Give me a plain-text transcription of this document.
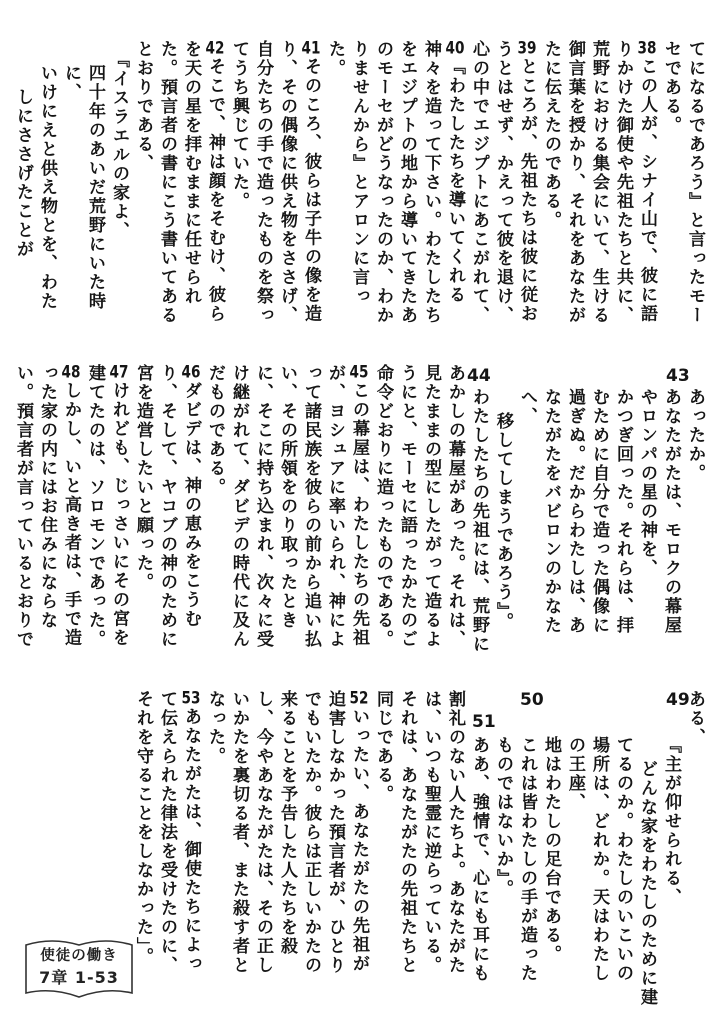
てになるであろう』と言ったモー
セである。
38この人が、シナイ山で、彼に語
りかけた御使や先祖たちと共に、
荒野における集会にいて、生ける
御言葉を授かり、それをあなたが
たに伝えたのである。
39ところが、先祖たちは彼に従お
うとはせず、かえって彼を退け、
心の中でエジプトにあこがれて、
40『わたしたちを導いてくれる
神々を造って下さい。わたしたち
をエジプトの地から導いてきたあ
のモーセがどうなったのか、わか
りませんから』とアロンに言っ
た。
41そのころ、彼らは子牛の像を造
り、その偶像に供え物をささげ、
自分たちの手で造ったものを祭っ
てうち興じていた。
42そこで、神は顔をそむけ、彼ら
を天の星を拝むままに任せられ
た。預言者の書にこう書いてある
とおりである、
　『イスラエルの家よ、
四十年のあいだ荒野にいた時
に、
いけにえと供え物とを、わた
しにささげたことが
43
あったか。
あなたがたは、モロクの幕屋
やロンパの星の神を、
かつぎ回った。それらは、拝
むために自分で造った偶像に
過ぎぬ。だからわたしは、あ
なたがたをバビロンのかなた
へ、
移してしまうであろう』。
44
わたしたちの先祖には、荒野に
あかしの幕屋があった。それは、
見たままの型にしたがって造るよ
うにと、モーセに語ったかたのご
命令どおりに造ったものである。
45この幕屋は、わたしたちの先祖
が、ヨシュアに率いられ、神によ
って諸民族を彼らの前から追い払
い、その所領をのり取ったとき
に、そこに持ち込まれ、次々に受
け継がれて、ダビデの時代に及ん
だものである。
46ダビデは、神の恵みをこうむ
り、そして、ヤコブの神のために
宮を造営したいと願った。
47けれども、じっさいにその宮を
建てたのは、ソロモンであった。
48しかし、いと高き者は、手で造
った家の内にはお住みにならな
い。預言者が言っているとおりで
ある、
49
『主が仰せられる、
どんな家をわたしのために建
てるのか。わたしのいこいの
場所は、どれか。天はわたし
の王座、
地はわたしの足台である。
50
これは皆わたしの手が造った
ものではないか』。
51
ああ、強情で、心にも耳にも
割礼のない人たちよ。あなたがた
は、いつも聖霊に逆らっている。
それは、あなたがたの先祖たちと
同じである。
52いったい、あなたがたの先祖が
迫害しなかった預言者が、ひとり
でもいたか。彼らは正しいかたの
来ることを予告した人たちを殺
し、今やあなたがたは、その正し
いかたを裏切る者、また殺す者と
なった。
53あなたがたは、御使たちによっ
て伝えられた律法を受けたのに、
それを守ることをしなかった」。
使徒の働き
7章 1-53
